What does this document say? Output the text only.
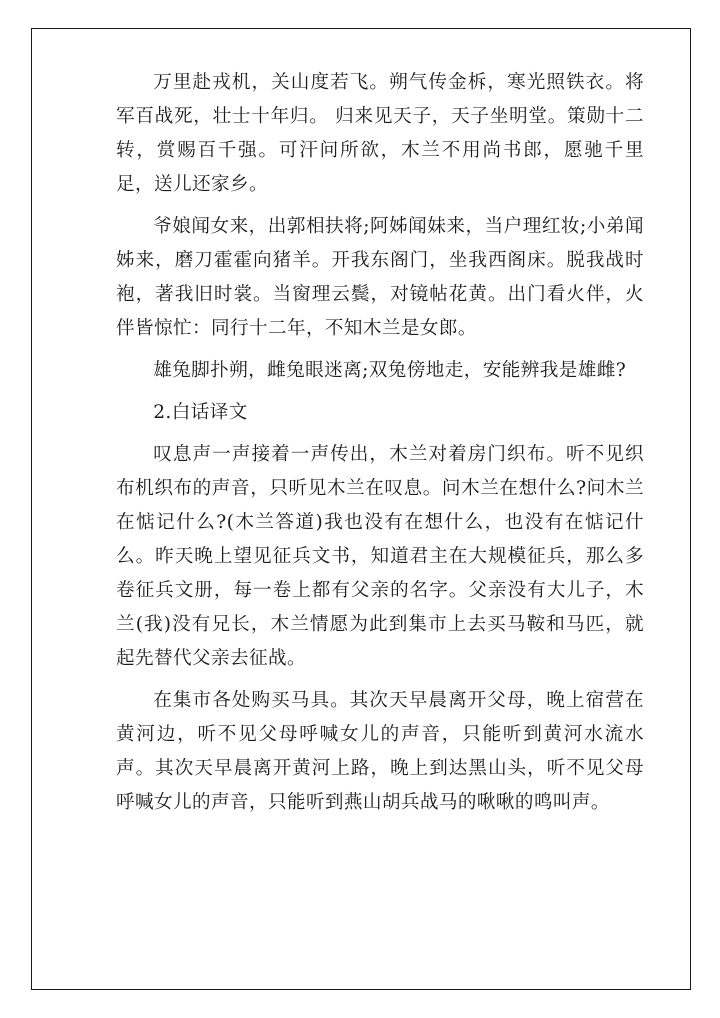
万里赴戎机，关山度若飞。朔气传金柝，寒光照铁衣。将军百战死，壮士十年归。 归来见天子，天子坐明堂。策勋十二转，赏赐百千强。可汗问所欲，木兰不用尚书郎，愿驰千里足，送儿还家乡。

爷娘闻女来，出郭相扶将;阿姊闻妹来，当户理红妆;小弟闻姊来，磨刀霍霍向猪羊。开我东阁门，坐我西阁床。脱我战时袍，著我旧时裳。当窗理云鬓，对镜帖花黄。出门看火伴，火伴皆惊忙：同行十二年，不知木兰是女郎。

雄兔脚扑朔，雌兔眼迷离;双兔傍地走，安能辨我是雄雌?

2.白话译文

叹息声一声接着一声传出，木兰对着房门织布。听不见织布机织布的声音，只听见木兰在叹息。问木兰在想什么?问木兰在惦记什么?(木兰答道)我也没有在想什么，也没有在惦记什么。昨天晚上望见征兵文书，知道君主在大规模征兵，那么多卷征兵文册，每一卷上都有父亲的名字。父亲没有大儿子，木兰(我)没有兄长，木兰情愿为此到集市上去买马鞍和马匹，就起先替代父亲去征战。

在集市各处购买马具。其次天早晨离开父母，晚上宿营在黄河边，听不见父母呼喊女儿的声音，只能听到黄河水流水声。其次天早晨离开黄河上路，晚上到达黑山头，听不见父母呼喊女儿的声音，只能听到燕山胡兵战马的啾啾的鸣叫声。
